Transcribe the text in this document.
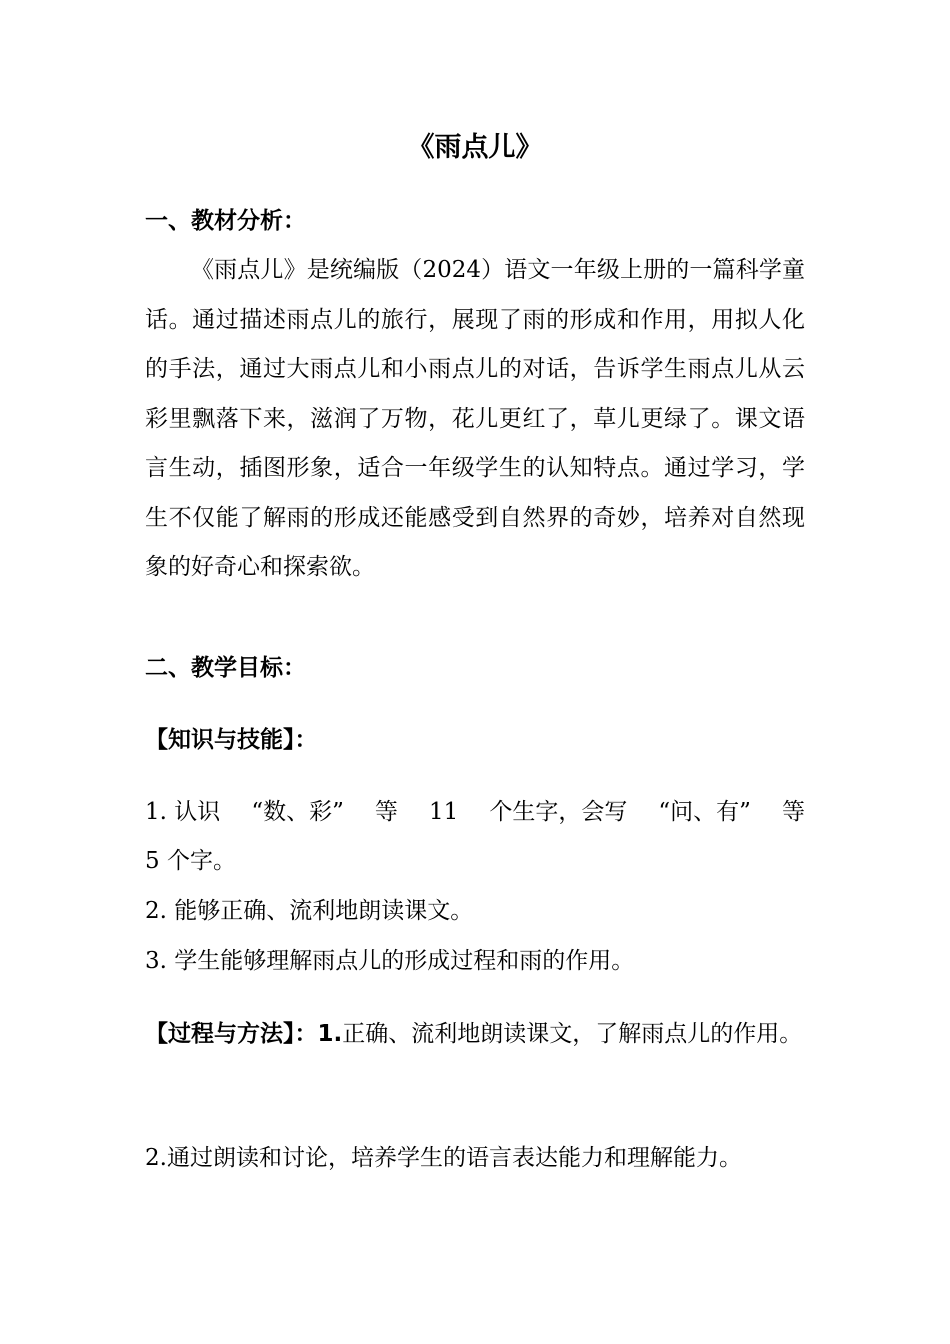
《雨点儿》
一、教材分析：
《雨点儿》是统编版（2024）语文一年级上册的一篇科学童话。通过描述雨点儿的旅行，展现了雨的形成和作用，用拟人化的手法，通过大雨点儿和小雨点儿的对话，告诉学生雨点儿从云彩里飘落下来，滋润了万物，花儿更红了，草儿更绿了。课文语言生动，插图形象，适合一年级学生的认知特点。通过学习，学生不仅能了解雨的形成还能感受到自然界的奇妙，培养对自然现象的好奇心和探索欲。
二、教学目标：
【知识与技能】：
1. 认识 “数、彩” 等 11 个生字，会写 “问、有” 等
5 个字。
2. 能够正确、流利地朗读课文。
3. 学生能够理解雨点儿的形成过程和雨的作用。
【过程与方法】：1.正确、流利地朗读课文，了解雨点儿的作用。
2.通过朗读和讨论，培养学生的语言表达能力和理解能力。
